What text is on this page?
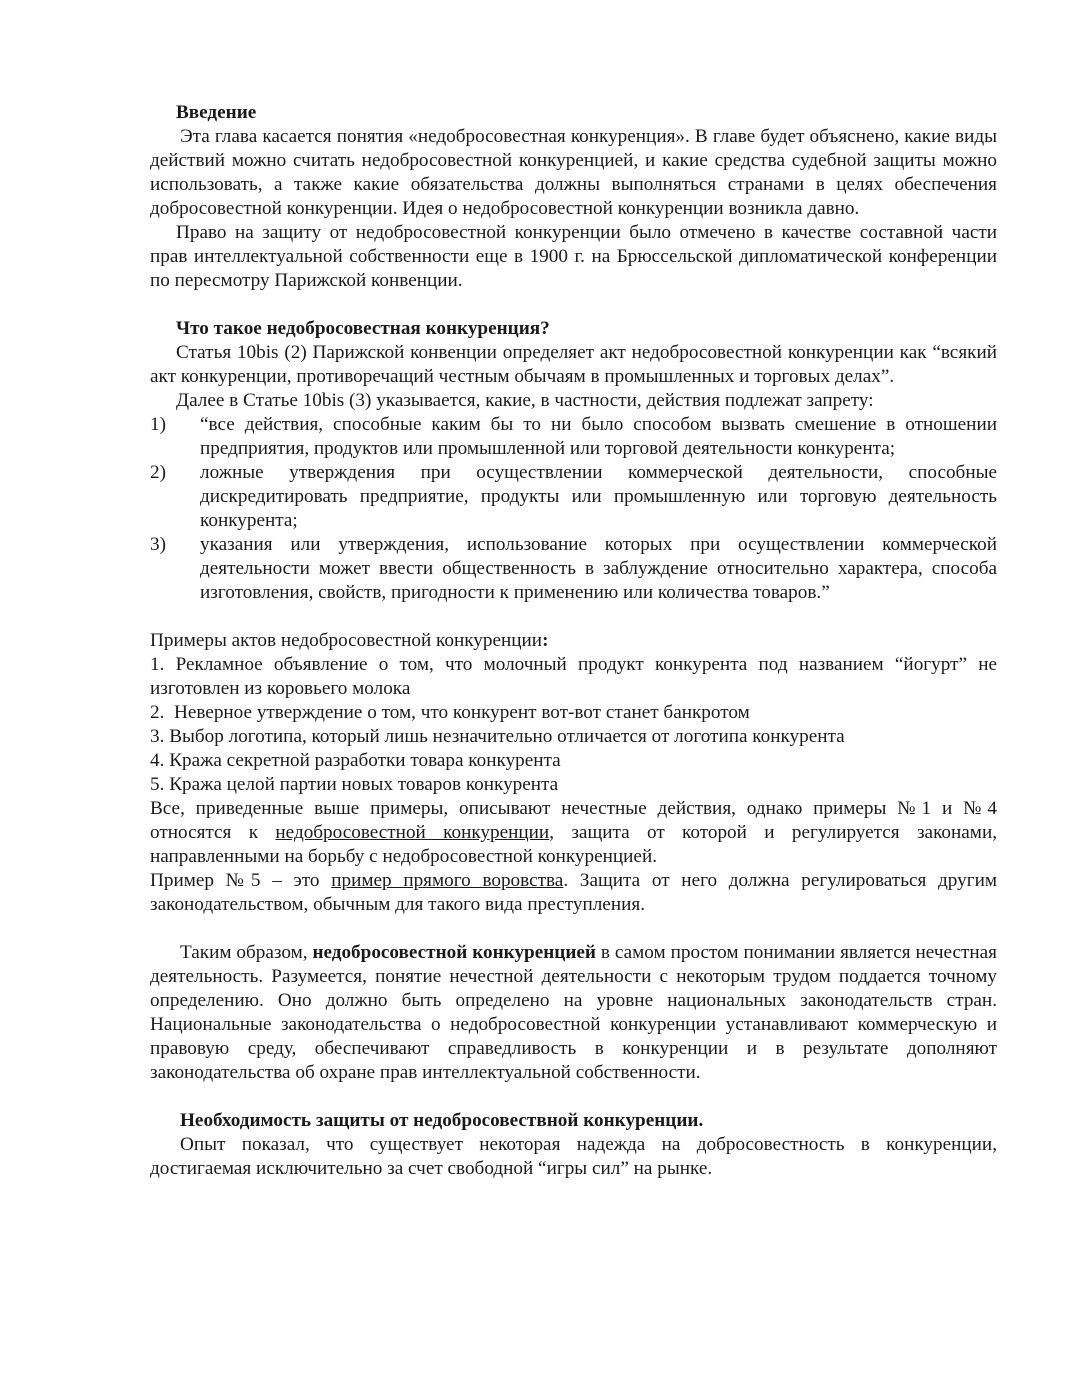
Введение

Эта глава касается понятия «недобросовестная конкуренция». В главе будет объяснено, какие виды действий можно считать недобросовестной конкуренцией, и какие средства судебной защиты можно использовать, а также какие обязательства должны выполняться странами в целях обеспечения добросовестной конкуренции. Идея о недобросовестной конкуренции возникла давно.

Право на защиту от недобросовестной конкуренции было отмечено в качестве составной части прав интеллектуальной собственности еще в 1900 г. на Брюссельской дипломатической конференции по пересмотру Парижской конвенции.

Что такое недобросовестная конкуренция?

Статья 10bis (2) Парижской конвенции определяет акт недобросовестной конкуренции как “всякий акт конкуренции, противоречащий честным обычаям в промышленных и торговых делах”.

Далее в Статье 10bis (3) указывается, какие, в частности, действия подлежат запрету:

1) “все действия, способные каким бы то ни было способом вызвать смешение в отношении предприятия, продуктов или промышленной или торговой деятельности конкурента;
2) ложные утверждения при осуществлении коммерческой деятельности, способные дискредитировать предприятие, продукты или промышленную или торговую деятельность конкурента;
3) указания или утверждения, использование которых при осуществлении коммерческой деятельности может ввести общественность в заблуждение относительно характера, способа изготовления, свойств, пригодности к применению или количества товаров.”

Примеры актов недобросовестной конкуренции:

1. Рекламное объявление о том, что молочный продукт конкурента под названием “йогурт” не изготовлен из коровьего молока

2.  Неверное утверждение о том, что конкурент вот-вот станет банкротом

3. Выбор логотипа, который лишь незначительно отличается от логотипа конкурента

4. Кража секретной разработки товара конкурента

5. Кража целой партии новых товаров конкурента

Все, приведенные выше примеры, описывают нечестные действия, однако примеры №1 и №4 относятся к недобросовестной конкуренции, защита от которой и регулируется законами, направленными на борьбу с недобросовестной конкуренцией.

Пример №5 – это пример прямого воровства. Защита от него должна регулироваться другим законодательством, обычным для такого вида преступления.

Таким образом, недобросовестной конкуренцией в самом простом понимании является нечестная деятельность. Разумеется, понятие нечестной деятельности с некоторым трудом поддается точному определению. Оно должно быть определено на уровне национальных законодательств стран. Национальные законодательства о недобросовестной конкуренции устанавливают коммерческую и правовую среду, обеспечивают справедливость в конкуренции и в результате дополняют законодательства об охране прав интеллектуальной собственности.

Необходимость защиты от недобросовествной конкуренции.

Опыт показал, что существует некоторая надежда на добросовестность в конкуренции, достигаемая исключительно за счет свободной “игры сил” на рынке.
